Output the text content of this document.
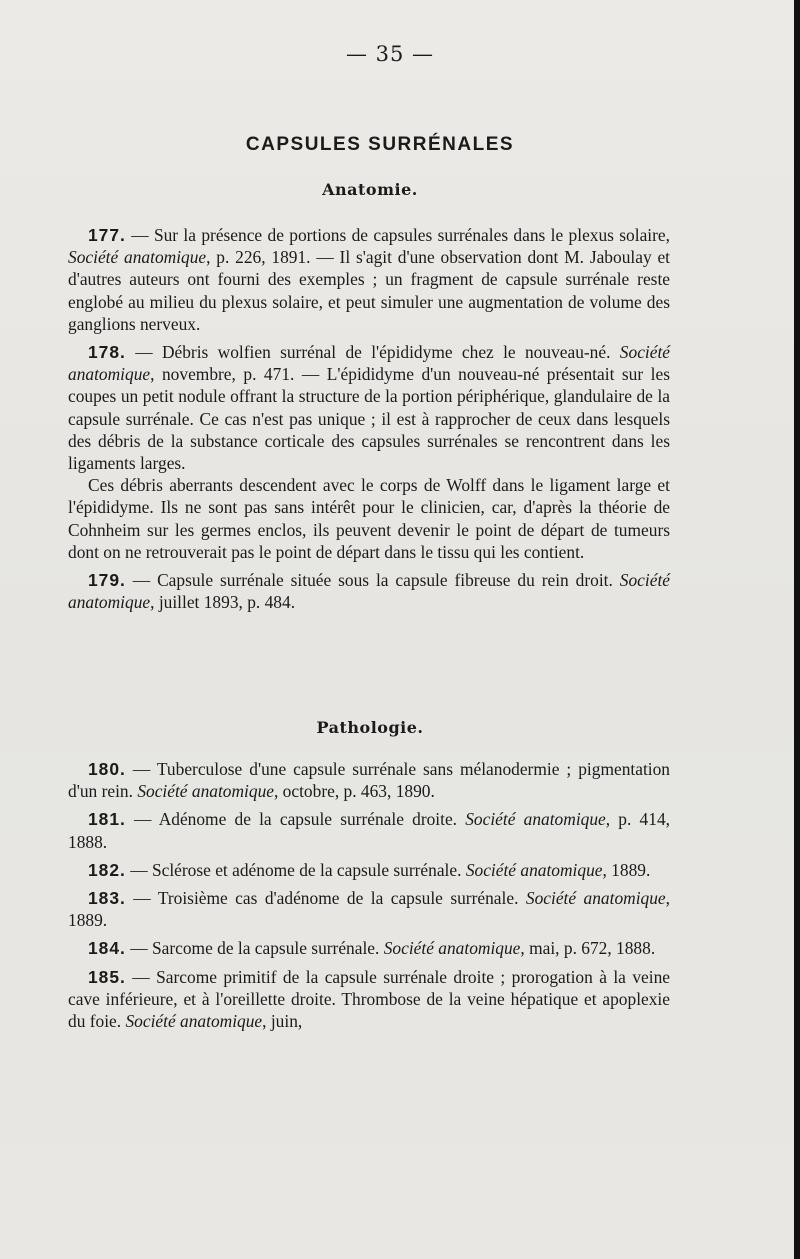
— 35 —
CAPSULES SURRÉNALES
Anatomie.

177. — Sur la présence de portions de capsules surrénales dans le plexus solaire, Société anatomique, p. 226, 1891. — Il s'agit d'une observation dont M. Jaboulay et d'autres auteurs ont fourni des exemples ; un fragment de capsule surrénale reste englobé au milieu du plexus solaire, et peut simuler une augmentation de volume des ganglions nerveux.

178. — Débris wolfien surrénal de l'épididyme chez le nouveau-né. Société anatomique, novembre, p. 471. — L'épididyme d'un nouveau-né présentait sur les coupes un petit nodule offrant la structure de la portion périphérique, glandulaire de la capsule surrénale. Ce cas n'est pas unique ; il est à rapprocher de ceux dans lesquels des débris de la substance corticale des capsules surrénales se rencontrent dans les ligaments larges.

Ces débris aberrants descendent avec le corps de Wolff dans le ligament large et l'épididyme. Ils ne sont pas sans intérêt pour le clinicien, car, d'après la théorie de Cohnheim sur les germes enclos, ils peuvent devenir le point de départ de tumeurs dont on ne retrouverait pas le point de départ dans le tissu qui les contient.

179. — Capsule surrénale située sous la capsule fibreuse du rein droit. Société anatomique, juillet 1893, p. 484.

Pathologie.

180. — Tuberculose d'une capsule surrénale sans mélanodermie ; pigmentation d'un rein. Société anatomique, octobre, p. 463, 1890.

181. — Adénome de la capsule surrénale droite. Société anatomique, p. 414, 1888.

182. — Sclérose et adénome de la capsule surrénale. Société anatomique, 1889.

183. — Troisième cas d'adénome de la capsule surrénale. Société anatomique, 1889.

184. — Sarcome de la capsule surrénale. Société anatomique, mai, p. 672, 1888.

185. — Sarcome primitif de la capsule surrénale droite ; prorogation à la veine cave inférieure, et à l'oreillette droite. Thrombose de la veine hépatique et apoplexie du foie. Société anatomique, juin,
